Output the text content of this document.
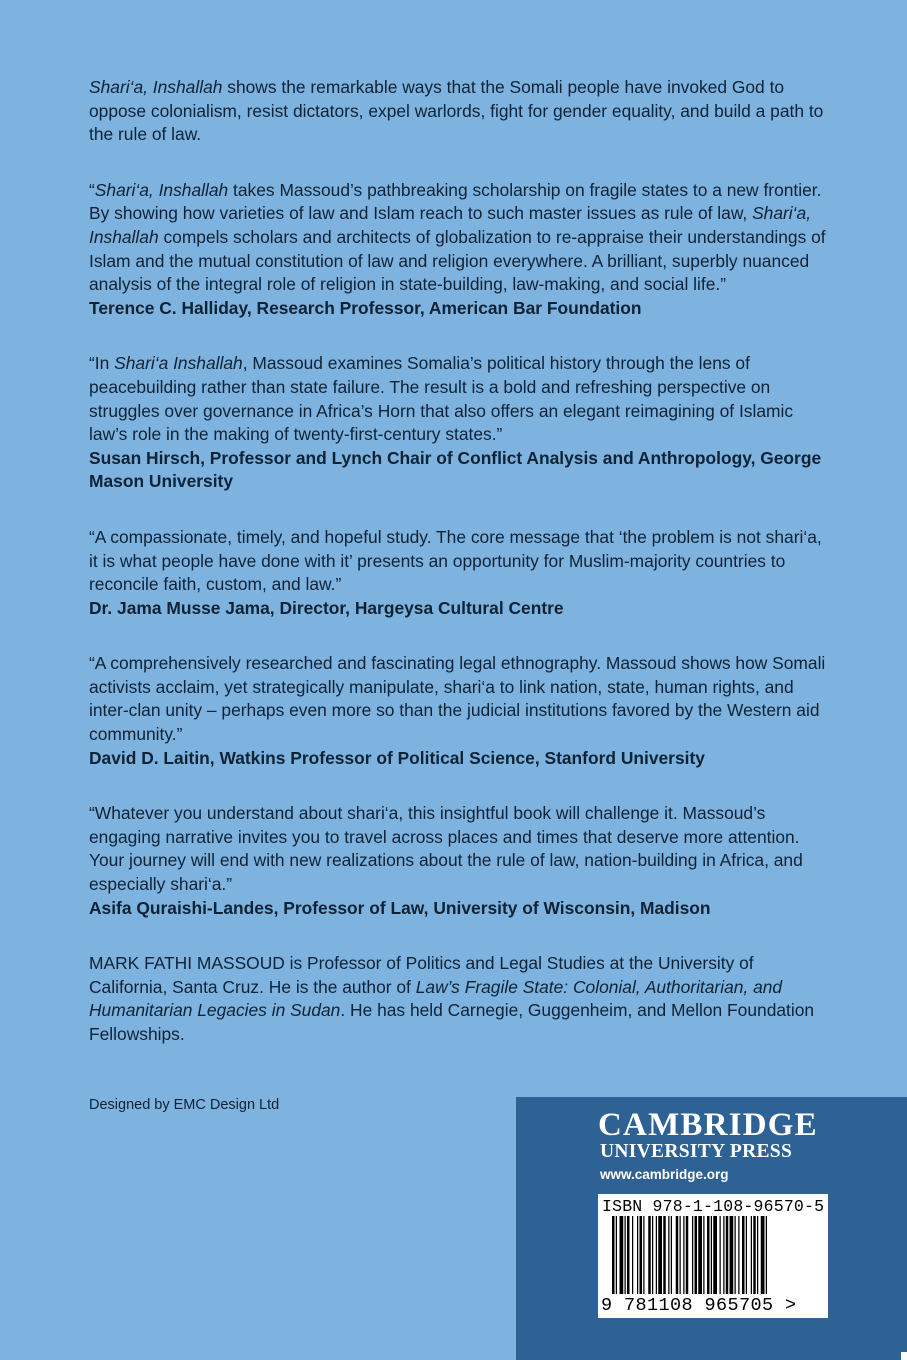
Shari‘a, Inshallah shows the remarkable ways that the Somali people have invoked God to oppose colonialism, resist dictators, expel warlords, fight for gender equality, and build a path to the rule of law.

“Shari‘a, Inshallah takes Massoud’s pathbreaking scholarship on fragile states to a new frontier. By showing how varieties of law and Islam reach to such master issues as rule of law, Shari‘a, Inshallah compels scholars and architects of globalization to re-appraise their understandings of Islam and the mutual constitution of law and religion everywhere. A brilliant, superbly nuanced analysis of the integral role of religion in state-building, law-making, and social life.”
Terence C. Halliday, Research Professor, American Bar Foundation

“In Shari‘a Inshallah, Massoud examines Somalia’s political history through the lens of peacebuilding rather than state failure. The result is a bold and refreshing perspective on struggles over governance in Africa’s Horn that also offers an elegant reimagining of Islamic law’s role in the making of twenty-first-century states.”
Susan Hirsch, Professor and Lynch Chair of Conflict Analysis and Anthropology, George Mason University

“A compassionate, timely, and hopeful study. The core message that ‘the problem is not shari‘a, it is what people have done with it’ presents an opportunity for Muslim-majority countries to reconcile faith, custom, and law.”
Dr. Jama Musse Jama, Director, Hargeysa Cultural Centre

“A comprehensively researched and fascinating legal ethnography. Massoud shows how Somali activists acclaim, yet strategically manipulate, shari‘a to link nation, state, human rights, and inter-clan unity – perhaps even more so than the judicial institutions favored by the Western aid community.”
David D. Laitin, Watkins Professor of Political Science, Stanford University

“Whatever you understand about shari‘a, this insightful book will challenge it. Massoud’s engaging narrative invites you to travel across places and times that deserve more attention. Your journey will end with new realizations about the rule of law, nation-building in Africa, and especially shari‘a.”
Asifa Quraishi-Landes, Professor of Law, University of Wisconsin, Madison

MARK FATHI MASSOUD is Professor of Politics and Legal Studies at the University of California, Santa Cruz. He is the author of Law’s Fragile State: Colonial, Authoritarian, and Humanitarian Legacies in Sudan. He has held Carnegie, Guggenheim, and Mellon Foundation Fellowships.

Designed by EMC Design Ltd
CAMBRIDGE
UNIVERSITY PRESS
www.cambridge.org
ISBN 978-1-108-96570-5
9 781108 965705 >
